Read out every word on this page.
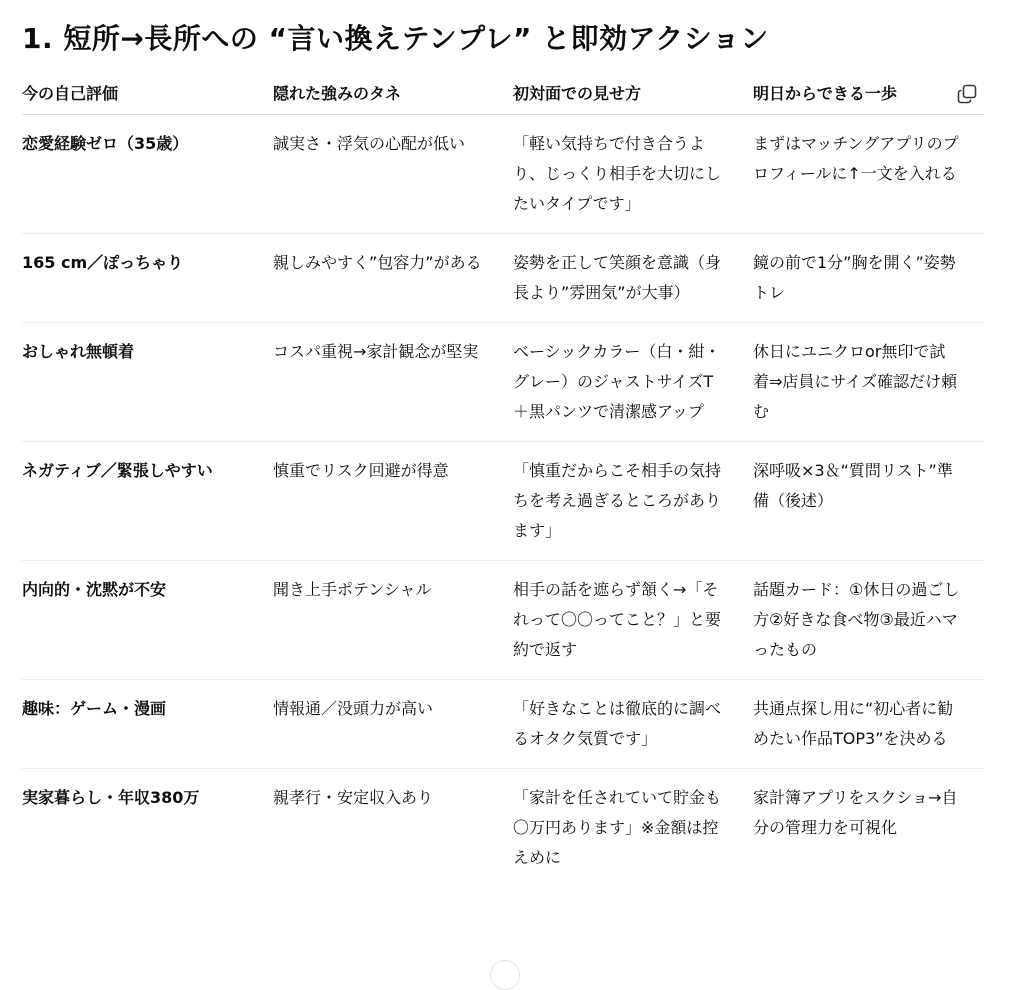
1. 短所→長所への “言い換えテンプレ” と即効アクション
今の自己評価	隠れた強みのタネ	初対面での見せ方	明日からできる一歩

恋愛経験ゼロ（35歳）	誠実さ・浮気の心配が低い	「軽い気持ちで付き合うより、じっくり相手を大切にしたいタイプです」	まずはマッチングアプリのプロフィールに↑一文を入れる
165 cm／ぽっちゃり	親しみやすく”包容力”がある	姿勢を正して笑顔を意識（身長より”雰囲気”が大事）	鏡の前で1分”胸を開く”姿勢トレ
おしゃれ無頓着	コスパ重視→家計観念が堅実	ベーシックカラー（白・紺・グレー）のジャストサイズT＋黒パンツで清潔感アップ	休日にユニクロor無印で試着⇒店員にサイズ確認だけ頼む
ネガティブ／緊張しやすい	慎重でリスク回避が得意	「慎重だからこそ相手の気持ちを考え過ぎるところがあります」	深呼吸×3＆“質問リスト”準備（後述）
内向的・沈黙が不安	聞き上手ポテンシャル	相手の話を遮らず頷く→「それって〇〇ってこと？」と要約で返す	話題カード：①休日の過ごし方②好きな食べ物③最近ハマったもの
趣味：ゲーム・漫画	情報通／没頭力が高い	「好きなことは徹底的に調べるオタク気質です」	共通点探し用に“初心者に勧めたい作品TOP3”を決める
実家暮らし・年収380万	親孝行・安定収入あり	「家計を任されていて貯金も〇万円あります」※金額は控えめに	家計簿アプリをスクショ→自分の管理力を可視化
